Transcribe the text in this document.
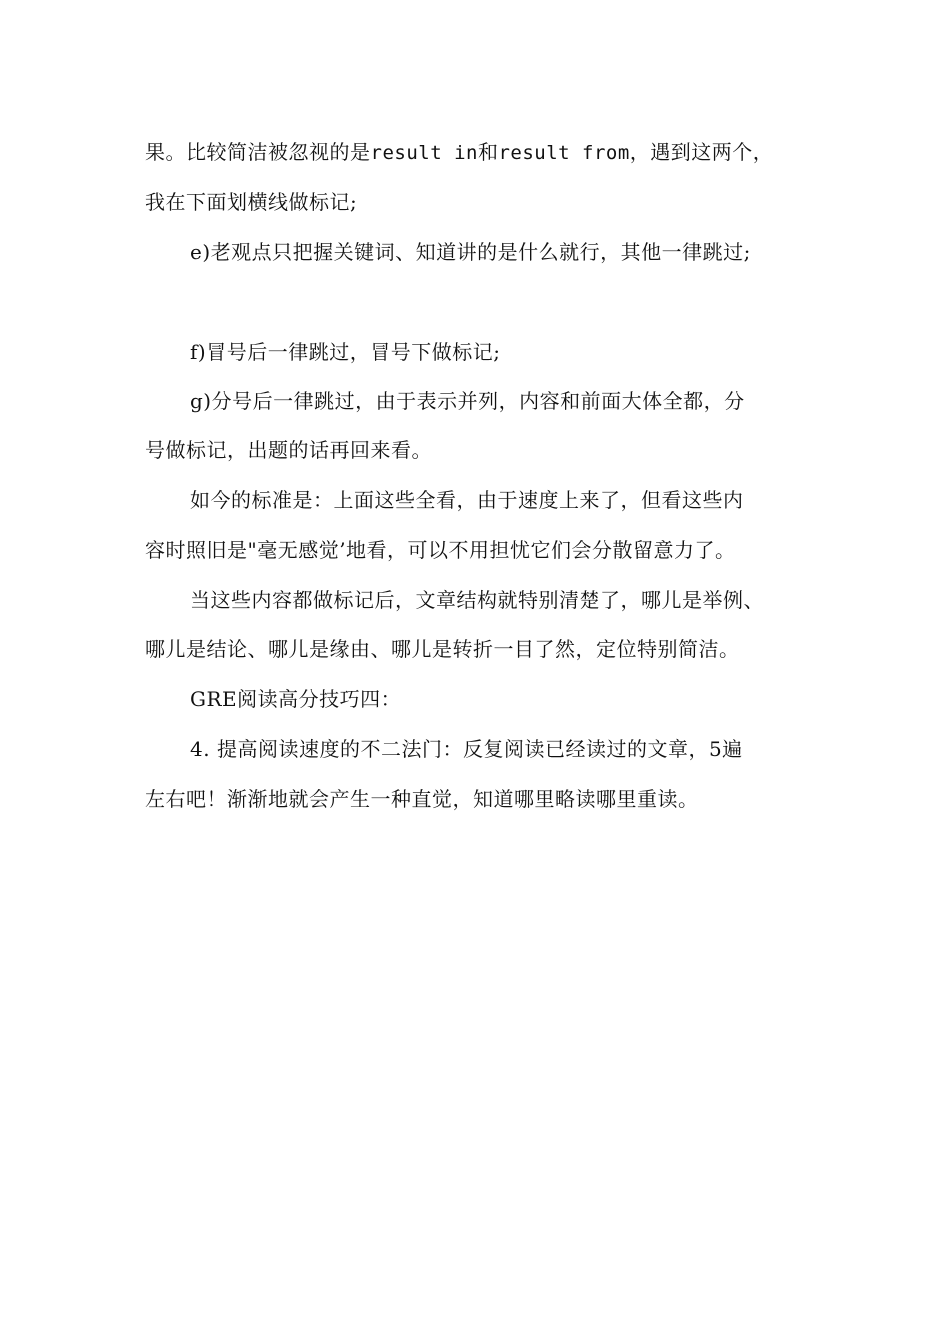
果。比较简洁被忽视的是result in和result from，遇到这两个，
我在下面划横线做标记;
e)老观点只把握关键词、知道讲的是什么就行，其他一律跳过;
f)冒号后一律跳过，冒号下做标记;
g)分号后一律跳过，由于表示并列，内容和前面大体全都，分
号做标记，出题的话再回来看。
如今的标准是：上面这些全看，由于速度上来了，但看这些内
容时照旧是"毫无感觉’地看，可以不用担忧它们会分散留意力了。
当这些内容都做标记后，文章结构就特别清楚了，哪儿是举例、
哪儿是结论、哪儿是缘由、哪儿是转折一目了然，定位特别简洁。
GRE阅读高分技巧四：
4. 提高阅读速度的不二法门：反复阅读已经读过的文章，5遍
左右吧！渐渐地就会产生一种直觉，知道哪里略读哪里重读。
